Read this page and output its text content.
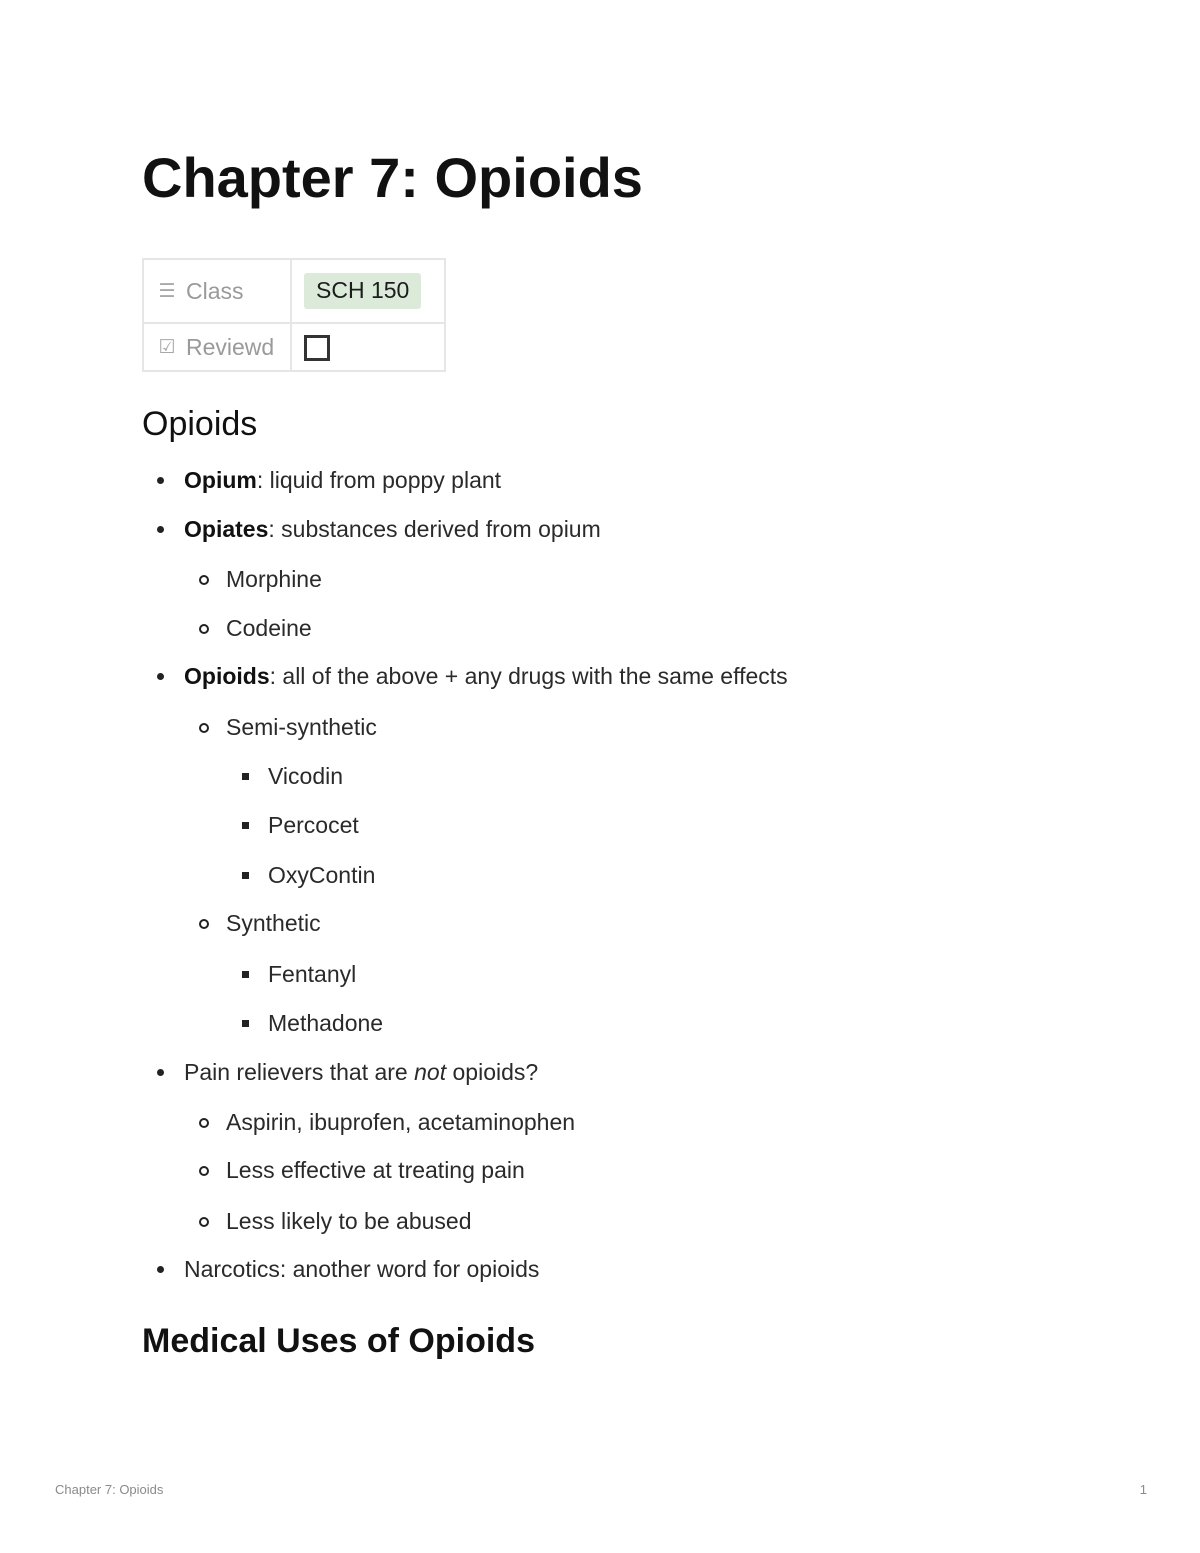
Chapter 7: Opioids
☰ Class	SCH 150
☑ Reviewd	
Opioids
Opium: liquid from poppy plant
Opiates: substances derived from opium
Morphine
Codeine
Opioids: all of the above + any drugs with the same effects
Semi-synthetic
Vicodin
Percocet
OxyContin
Synthetic
Fentanyl
Methadone
Pain relievers that are not opioids?
Aspirin, ibuprofen, acetaminophen
Less effective at treating pain
Less likely to be abused
Narcotics: another word for opioids
Medical Uses of Opioids
Chapter 7: Opioids	1
